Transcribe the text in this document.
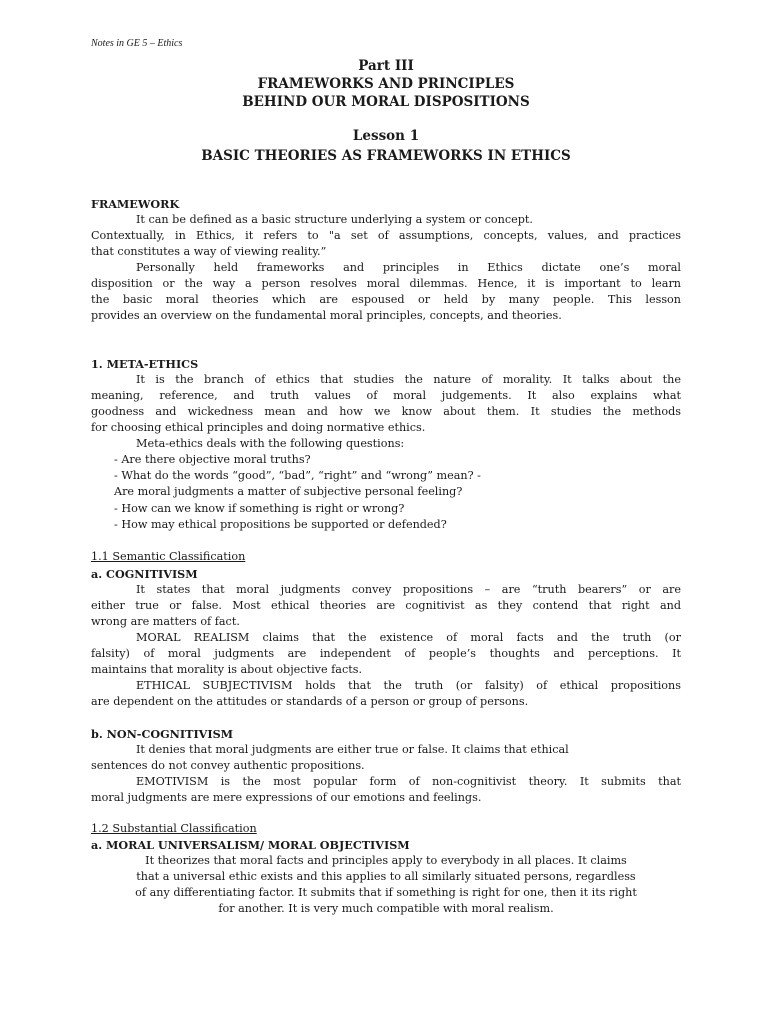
Notes in GE 5 – Ethics
Part III
FRAMEWORKS AND PRINCIPLES
BEHIND OUR MORAL DISPOSITIONS
Lesson 1
BASIC THEORIES AS FRAMEWORKS IN ETHICS
FRAMEWORK
It can be defined as a basic structure underlying a system or concept.
Contextually, in Ethics, it refers to "a set of assumptions, concepts, values, and practices
that constitutes a way of viewing reality.”
Personally held frameworks and principles in Ethics dictate one’s moral
disposition or the way a person resolves moral dilemmas. Hence, it is important to learn
the basic moral theories which are espoused or held by many people. This lesson
provides an overview on the fundamental moral principles, concepts, and theories.
1. META-ETHICS
It is the branch of ethics that studies the nature of morality. It talks about the
meaning, reference, and truth values of moral judgements. It also explains what
goodness and wickedness mean and how we know about them. It studies the methods
for choosing ethical principles and doing normative ethics.
Meta-ethics deals with the following questions:
- Are there objective moral truths?
- What do the words “good”, “bad”, “right” and “wrong” mean? -
Are moral judgments a matter of subjective personal feeling?
- How can we know if something is right or wrong?
- How may ethical propositions be supported or defended?
1.1 Semantic Classification
a. COGNITIVISM
It states that moral judgments convey propositions – are “truth bearers” or are
either true or false. Most ethical theories are cognitivist as they contend that right and
wrong are matters of fact.
MORAL REALISM claims that the existence of moral facts and the truth (or
falsity) of moral judgments are independent of people’s thoughts and perceptions. It
maintains that morality is about objective facts.
ETHICAL SUBJECTIVISM holds that the truth (or falsity) of ethical propositions
are dependent on the attitudes or standards of a person or group of persons.
b. NON-COGNITIVISM
It denies that moral judgments are either true or false. It claims that ethical
sentences do not convey authentic propositions.
EMOTIVISM is the most popular form of non-cognitivist theory. It submits that
moral judgments are mere expressions of our emotions and feelings.
1.2 Substantial Classification
a. MORAL UNIVERSALISM/ MORAL OBJECTIVISM
It theorizes that moral facts and principles apply to everybody in all places. It claims
that a universal ethic exists and this applies to all similarly situated persons, regardless
of any differentiating factor. It submits that if something is right for one, then it its right
for another. It is very much compatible with moral realism.
